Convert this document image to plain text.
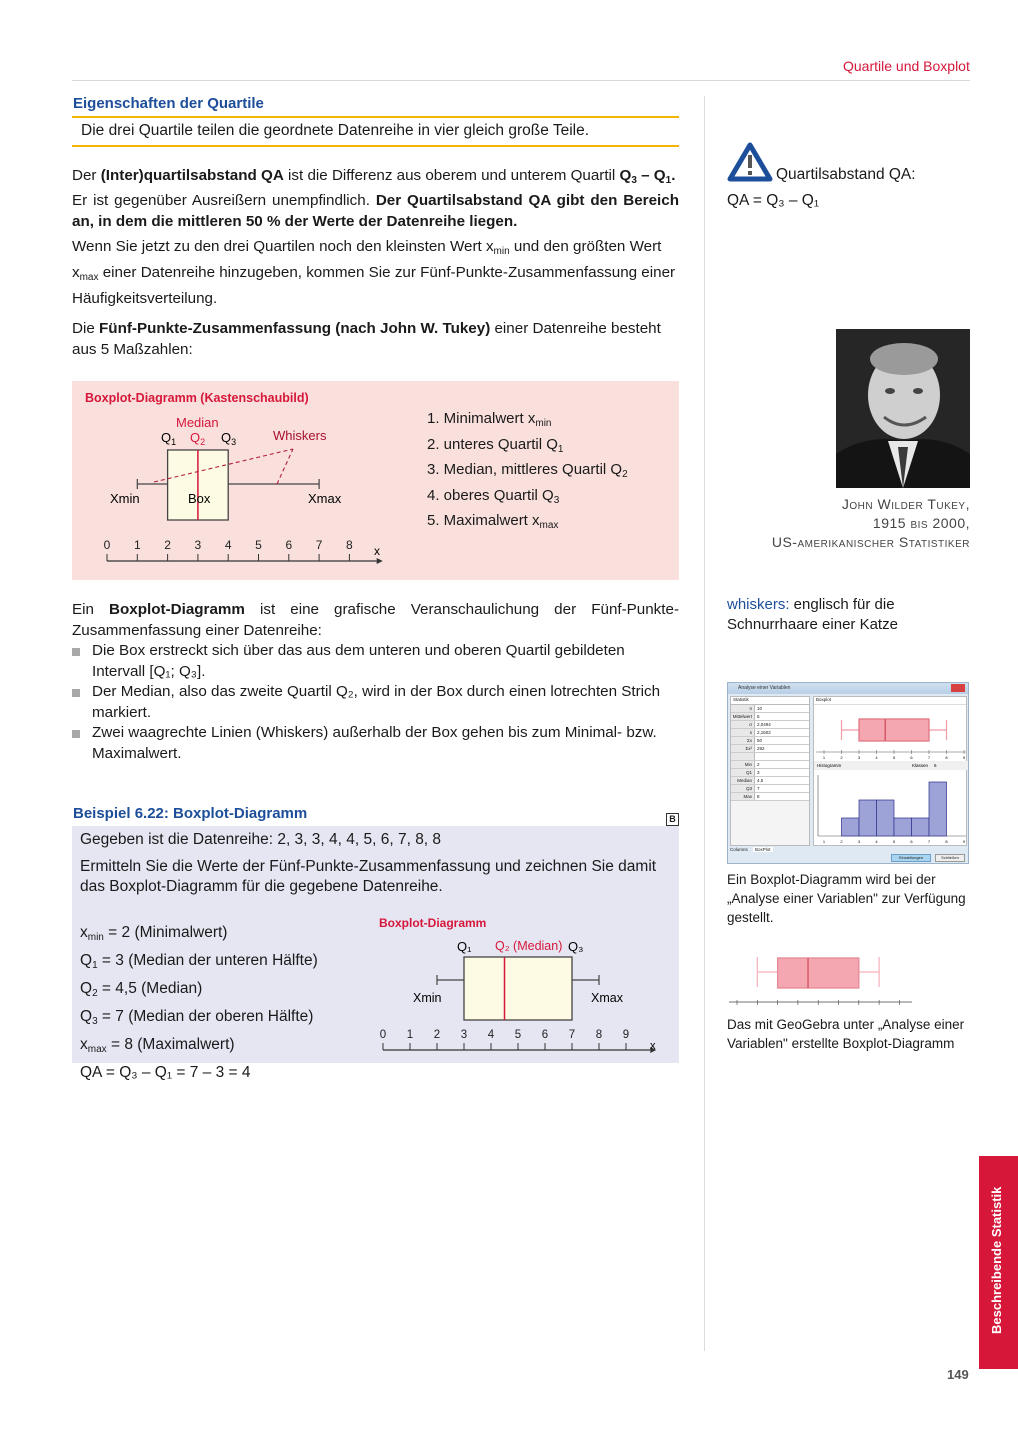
Quartile und Boxplot
Eigenschaften der Quartile
Die drei Quartile teilen die geordnete Datenreihe in vier gleich große Teile.
Der (Inter)quartilsabstand QA ist die Differenz aus oberem und unterem Quartil $Q_3 - Q_1$.
Er ist gegenüber Ausreißern unempfindlich. Der Quartilsabstand QA gibt den Bereich an, in dem die mittleren 50 % der Werte der Datenreihe liegen.
Wenn Sie jetzt zu den drei Quartilen noch den kleinsten Wert $x_{min}$ und den größten Wert $x_{max}$ einer Datenreihe hinzugeben, kommen Sie zur Fünf-Punkte-Zusammenfassung einer Häufigkeitsverteilung.
Die Fünf-Punkte-Zusammenfassung (nach John W. Tukey) einer Datenreihe besteht aus 5 Maßzahlen:
Boxplot-Diagramm (Kastenschaubild)
Median
$Q_1$ $Q_2$ $Q_3$	Whiskers
0 1 2 3 4 5 6 7 8
Xmin	Box	Xmax
x
1. Minimalwert $x_{min}$
2. unteres Quartil $Q_1$
3. Median, mittleres Quartil $Q_2$
4. oberes Quartil $Q_3$
5. Maximalwert $x_{max}$
Ein Boxplot-Diagramm ist eine grafische Veranschaulichung der Fünf-Punkte-Zusammenfassung einer Datenreihe:
Die Box erstreckt sich über das aus dem unteren und oberen Quartil gebildeten Intervall [Q₁; Q₃].
Der Median, also das zweite Quartil Q₂, wird in der Box durch einen lotrechten Strich markiert.
Zwei waagrechte Linien (Whiskers) außerhalb der Box gehen bis zum Minimal- bzw. Maximalwert.
Beispiel 6.22: Boxplot-Diagramm	B
Gegeben ist die Datenreihe: 2, 3, 3, 4, 4, 5, 6, 7, 8, 8
Ermitteln Sie die Werte der Fünf-Punkte-Zusammenfassung und zeichnen Sie damit das Boxplot-Diagramm für die gegebene Datenreihe.
$x_{min} = 2$ (Minimalwert)
$Q_1 = 3$ (Median der unteren Hälfte)
$Q_2 = 4,5$ (Median)
$Q_3 = 7$ (Median der oberen Hälfte)
$x_{max} = 8$ (Maximalwert)
QA = Q₃ – Q₁ = 7 – 3 = 4
Boxplot-Diagramm
Q₁ Q₂ (Median) Q₃
0 1 2 3 4 5 6 7 8 9
Xmin	Xmax
x
Quartilsabstand QA:
QA = Q₃ – Q₁
John Wilder Tukey,
1915 bis 2000,
US-amerikanischer Statistiker
whiskers: englisch für die Schnurrhaare einer Katze
Analyse einer Variablen
Statistik
n	10
Mittelwert	5
σ	2,0494
s	2,1602
Σx	50
Σx²	292
Min	2
Q1	3
Median	4,5
Q3	7
Max	8
Boxplot
1	2	3	4	5	6	7	8	9
Histogramm	Klassen 6
1	2	3	4	5	6	7	8	9
Columns BoxPlot
Einstellungen	Schließen
Ein Boxplot-Diagramm wird bei der „Analyse einer Variablen" zur Verfügung gestellt.
Das mit GeoGebra unter „Analyse einer Variablen" erstellte Boxplot-Diagramm
Beschreibende Statistik
149
